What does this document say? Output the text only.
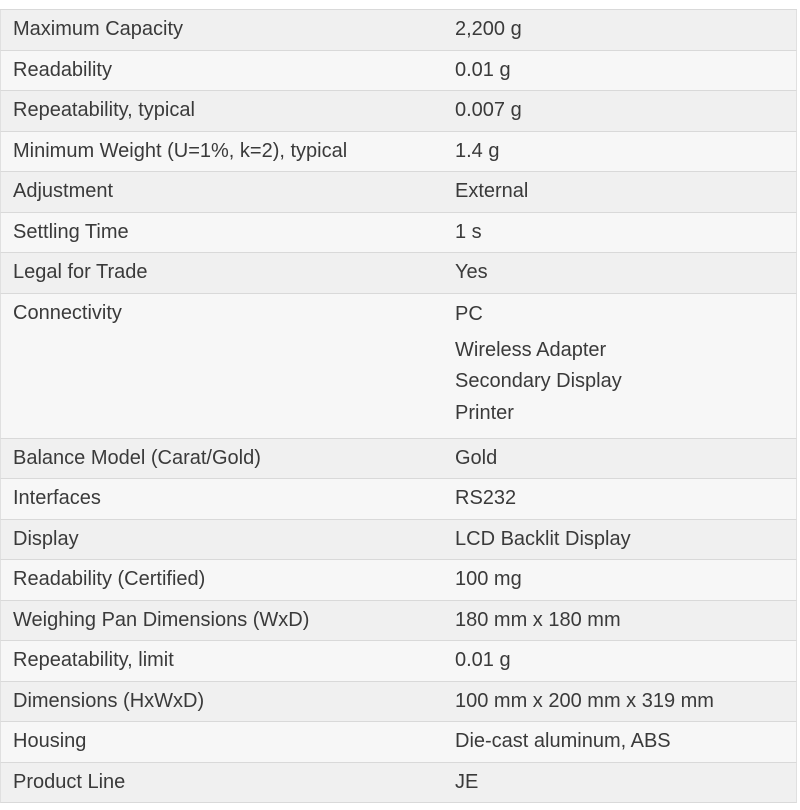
Maximum Capacity	2,200 g
Readability	0.01 g
Repeatability, typical	0.007 g
Minimum Weight (U=1%, k=2), typical	1.4 g
Adjustment	External
Settling Time	1 s
Legal for Trade	Yes
Connectivity	PC
Wireless Adapter
Secondary Display
Printer
Balance Model (Carat/Gold)	Gold
Interfaces	RS232
Display	LCD Backlit Display
Readability (Certified)	100 mg
Weighing Pan Dimensions (WxD)	180 mm x 180 mm
Repeatability, limit	0.01 g
Dimensions (HxWxD)	100 mm x 200 mm x 319 mm
Housing	Die-cast aluminum, ABS
Product Line	JE
